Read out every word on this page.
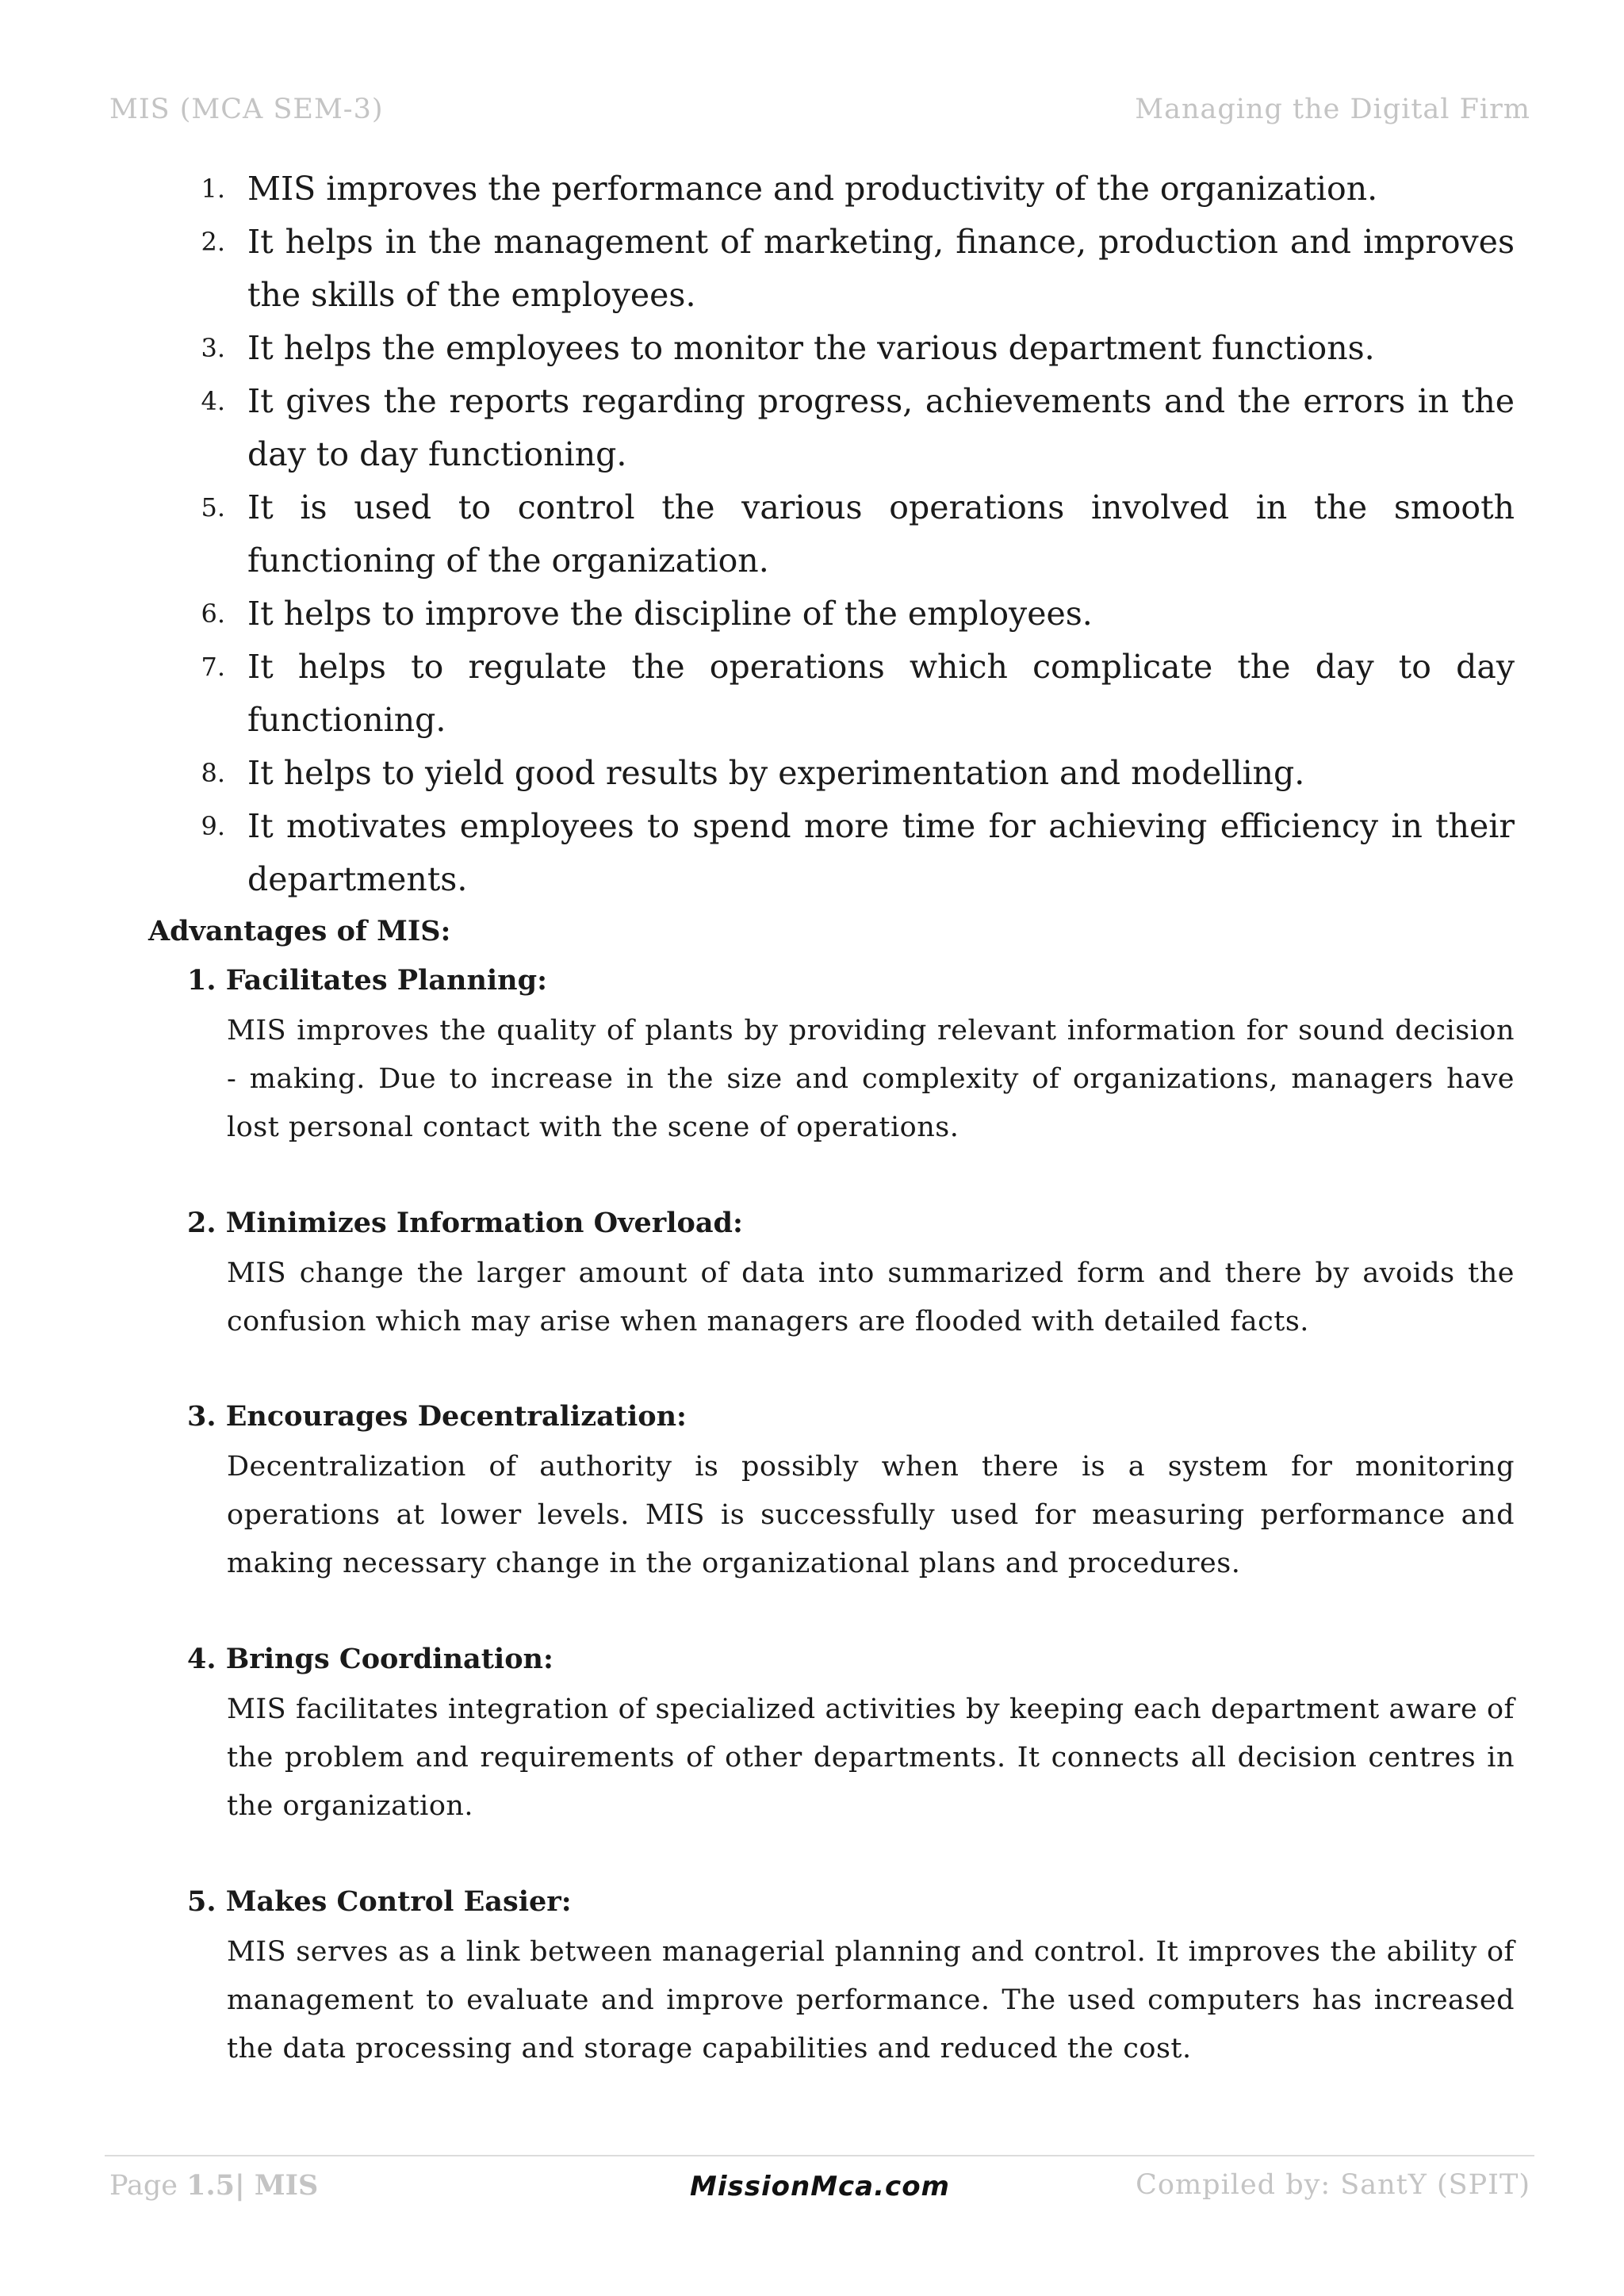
MIS (MCA SEM-3)	Managing the Digital Firm
1. MIS improves the performance and productivity of the organization.
2. It helps in the management of marketing, finance, production and improves the skills of the employees.
3. It helps the employees to monitor the various department functions.
4. It gives the reports regarding progress, achievements and the errors in the day to day functioning.
5. It is used to control the various operations involved in the smooth functioning of the organization.
6. It helps to improve the discipline of the employees.
7. It helps to regulate the operations which complicate the day to day functioning.
8. It helps to yield good results by experimentation and modelling.
9. It motivates employees to spend more time for achieving efficiency in their departments.
Advantages of MIS:
1. Facilitates Planning:

MIS improves the quality of plants by providing relevant information for sound decision - making. Due to increase in the size and complexity of organizations, managers have lost personal contact with the scene of operations.

2. Minimizes Information Overload:

MIS change the larger amount of data into summarized form and there by avoids the confusion which may arise when managers are flooded with detailed facts.

3. Encourages Decentralization:

Decentralization of authority is possibly when there is a system for monitoring operations at lower levels. MIS is successfully used for measuring performance and making necessary change in the organizational plans and procedures.

4. Brings Coordination:

MIS facilitates integration of specialized activities by keeping each department aware of the problem and requirements of other departments. It connects all decision centres in the organization.

5. Makes Control Easier:

MIS serves as a link between managerial planning and control. It improves the ability of management to evaluate and improve performance. The used computers has increased the data processing and storage capabilities and reduced the cost.

Page 1.5| MIS	MissionMca.com	Compiled by: SantY (SPIT)
